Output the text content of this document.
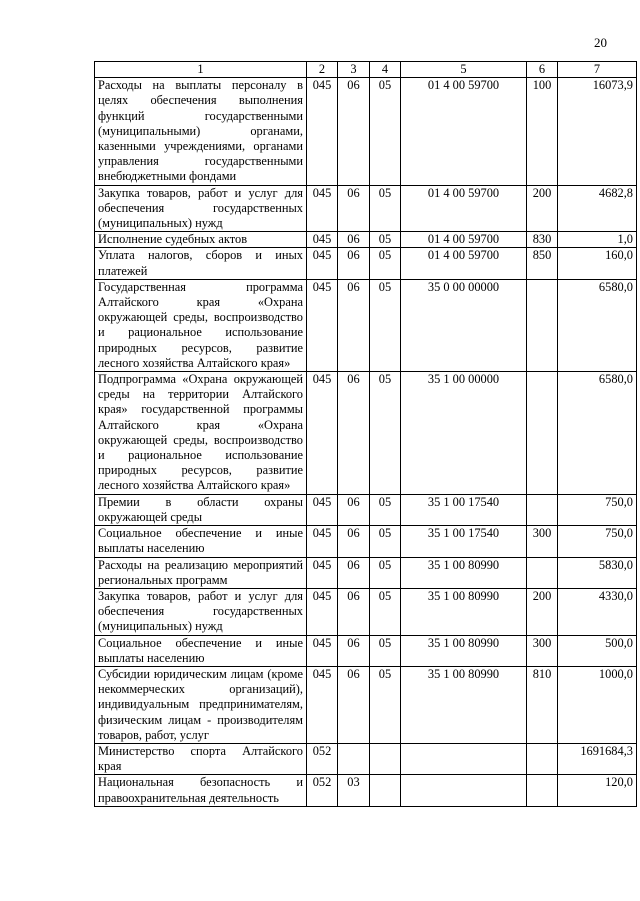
20
1	2	3	4	5	6	7
Расходы на выплаты персоналу в целях обеспечения выполнения функций государственными (муниципальными) органами, казенными учреждениями, органами управления государственными внебюджетными фондами	045	06	05	01 4 00 59700	100	16073,9
Закупка товаров, работ и услуг для обеспечения государственных (муниципальных) нужд	045	06	05	01 4 00 59700	200	4682,8
Исполнение судебных актов	045	06	05	01 4 00 59700	830	1,0
Уплата налогов, сборов и иных платежей	045	06	05	01 4 00 59700	850	160,0
Государственная программа Алтайского края «Охрана окружающей среды, воспроизводство и рациональное использование природных ресурсов, развитие лесного хозяйства Алтайского края»	045	06	05	35 0 00 00000		6580,0
Подпрограмма «Охрана окружающей среды на территории Алтайского края» государственной программы Алтайского края «Охрана окружающей среды, воспроизводство и рациональное использование природных ресурсов, развитие лесного хозяйства Алтайского края»	045	06	05	35 1 00 00000		6580,0
Премии в области охраны окружающей среды	045	06	05	35 1 00 17540		750,0
Социальное обеспечение и иные выплаты населению	045	06	05	35 1 00 17540	300	750,0
Расходы на реализацию мероприятий региональных программ	045	06	05	35 1 00 80990		5830,0
Закупка товаров, работ и услуг для обеспечения государственных (муниципальных) нужд	045	06	05	35 1 00 80990	200	4330,0
Социальное обеспечение и иные выплаты населению	045	06	05	35 1 00 80990	300	500,0
Субсидии юридическим лицам (кроме некоммерческих организаций), индивидуальным предпринимателям, физическим лицам - производителям товаров, работ, услуг	045	06	05	35 1 00 80990	810	1000,0
Министерство спорта Алтайского края	052					1691684,3
Национальная безопасность и правоохранительная деятельность	052	03				120,0
